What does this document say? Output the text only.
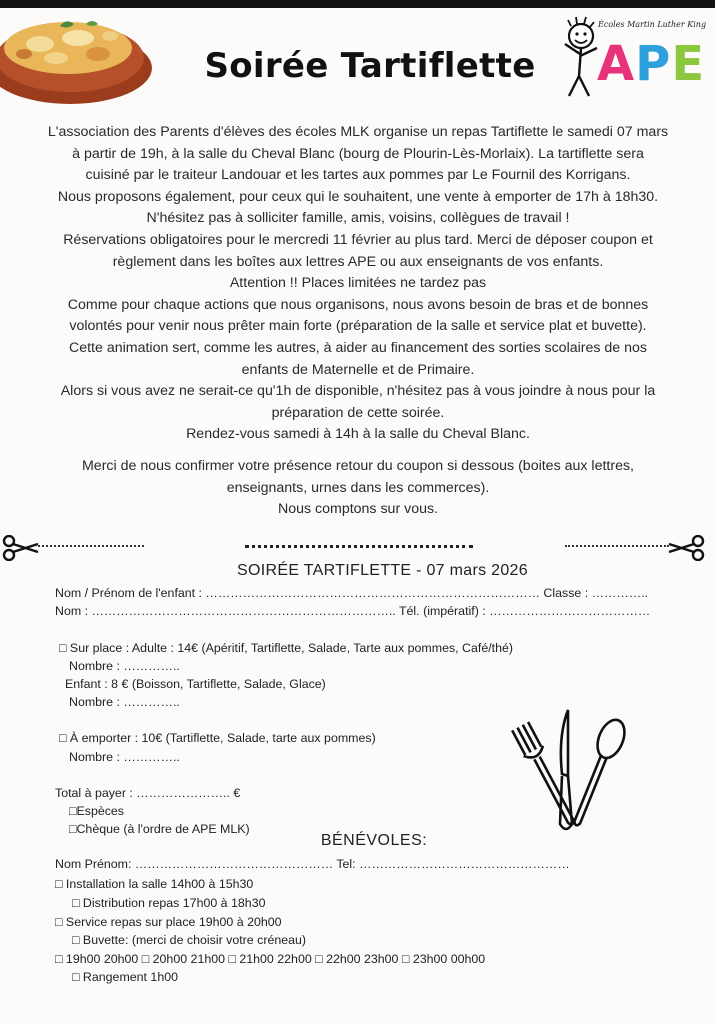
Soirée Tartiflette
Écoles Martin Luther King
APE

L'association des Parents d'élèves des écoles MLK organise un repas Tartiflette le samedi 07 mars

à partir de 19h, à la salle du Cheval Blanc (bourg de Plourin-Lès-Morlaix). La tartiflette sera

cuisiné par le traiteur Landouar et les tartes aux pommes par Le Fournil des Korrigans.

Nous proposons également, pour ceux qui le souhaitent, une vente à emporter de 17h à 18h30.

N'hésitez pas à solliciter famille, amis, voisins, collègues de travail !

Réservations obligatoires pour le mercredi 11 février au plus tard. Merci de déposer coupon et

règlement dans les boîtes aux lettres APE ou aux enseignants de vos enfants.

Attention !! Places limitées ne tardez pas

Comme pour chaque actions que nous organisons, nous avons besoin de bras et de bonnes

volontés pour venir nous prêter main forte (préparation de la salle et service plat et buvette).

Cette animation sert, comme les autres, à aider au financement des sorties scolaires de nos

enfants de Maternelle et de Primaire.

Alors si vous avez ne serait-ce qu'1h de disponible, n'hésitez pas à vous joindre à nous pour la

préparation de cette soirée.

Rendez-vous samedi à 14h à la salle du Cheval Blanc.

Merci de nous confirmer votre présence retour du coupon si dessous (boites aux lettres,

enseignants, urnes dans les commerces).

Nous comptons sur vous.

SOIRÉE TARTIFLETTE - 07 mars 2026
Nom / Prénom de l'enfant : ……………………………………………………………………… Classe : …………..
Nom : ……………………………………………………………….. Tél. (impératif) : …………………………………
□ Sur place : Adulte : 14€ (Apéritif, Tartiflette, Salade, Tarte aux pommes, Café/thé)
Nombre : …………..
Enfant : 8 € (Boisson, Tartiflette, Salade, Glace)
Nombre : …………..
□ À emporter : 10€ (Tartiflette, Salade, tarte aux pommes)
Nombre : …………..
Total à payer : ………………….. €
□Espèces
□Chèque (à l'ordre de APE MLK)
BÉNÉVOLES:
Nom Prénom: ………………………………………… Tel: ……………………………………………
□ Installation la salle 14h00 à 15h30
□ Distribution repas 17h00 à 18h30
□ Service repas sur place 19h00 à 20h00
□ Buvette: (merci de choisir votre créneau)
□ 19h00 20h00 □ 20h00 21h00 □ 21h00 22h00 □ 22h00 23h00 □ 23h00 00h00
□ Rangement 1h00
